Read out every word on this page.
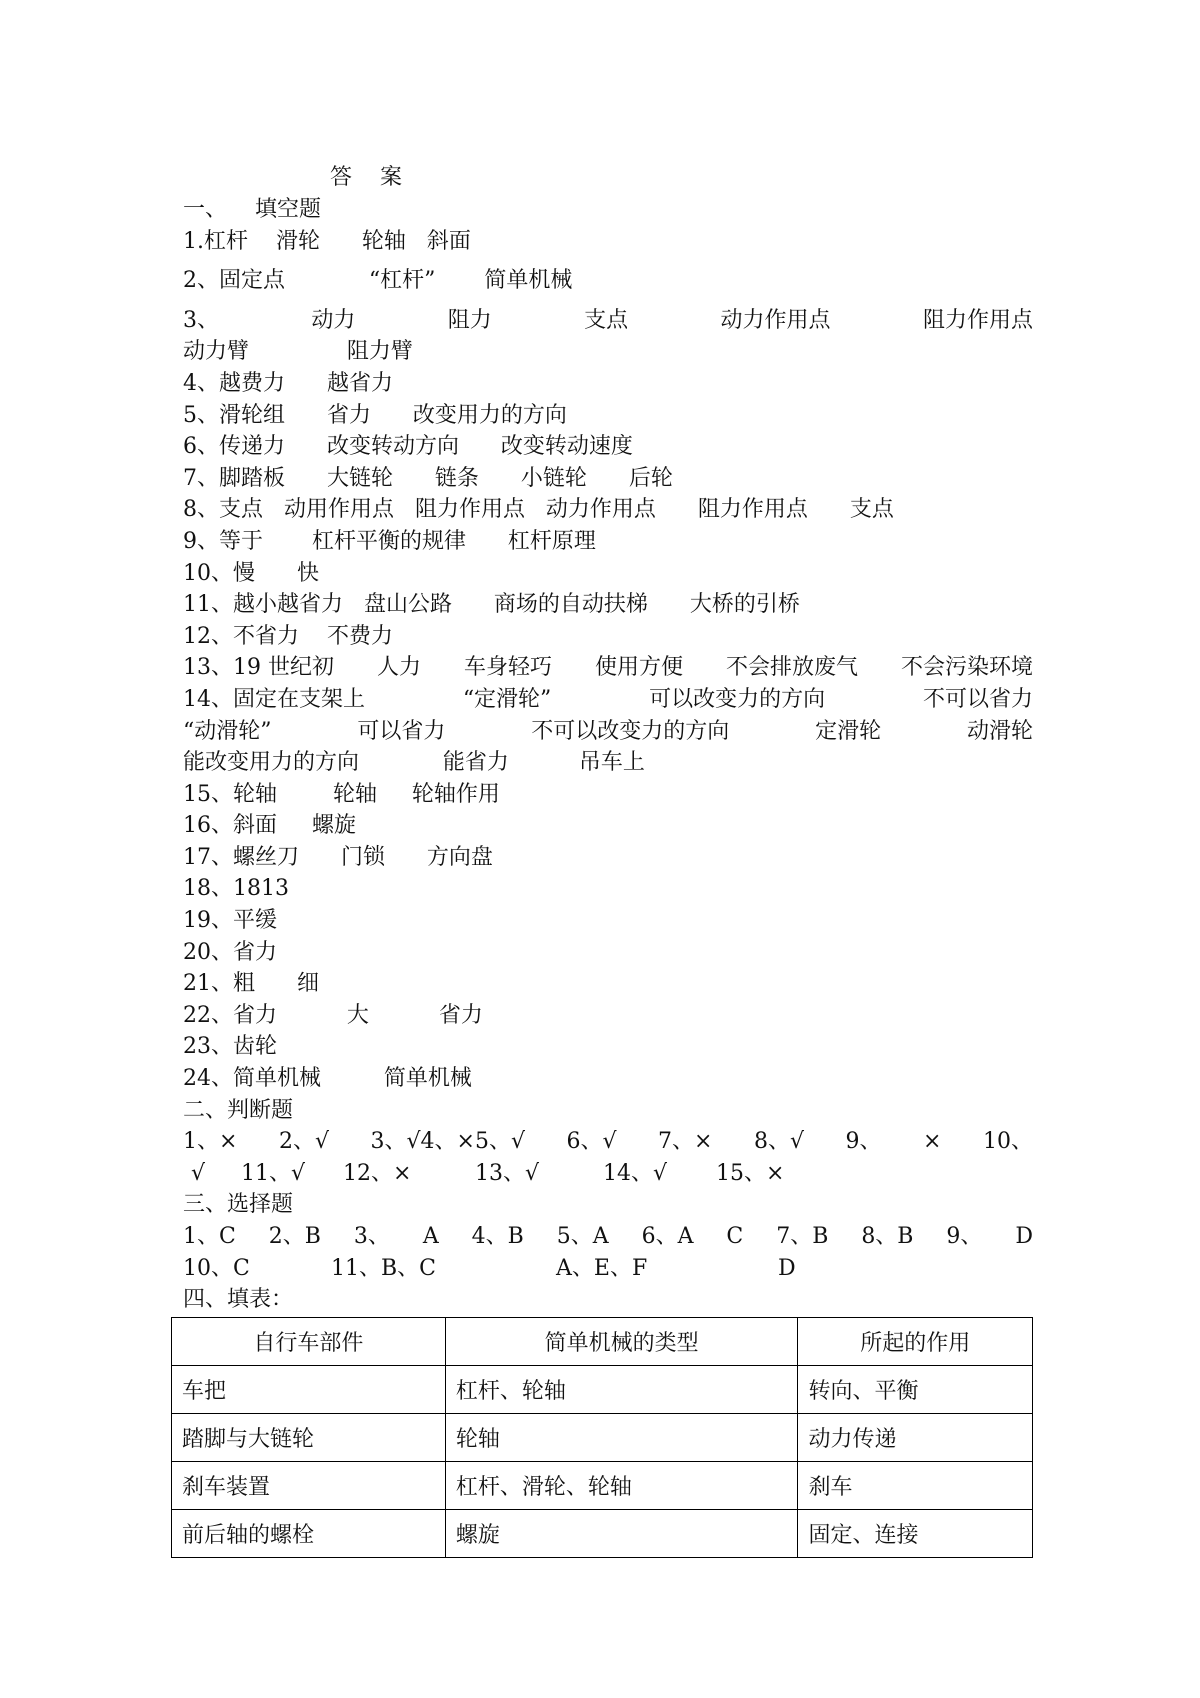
答    案
一、    填空题
1.杠杆    滑轮      轮轴   斜面
2、固定点            “杠杆”       简单机械
3、	动力	阻力	支点	动力作用点	阻力作用点
动力臂              阻力臂
4、越费力      越省力
5、滑轮组      省力      改变用力的方向
6、传递力      改变转动方向      改变转动速度
7、脚踏板      大链轮      链条      小链轮      后轮
8、支点   动用作用点   阻力作用点   动力作用点      阻力作用点      支点
9、等于       杠杆平衡的规律      杠杆原理
10、慢      快
11、越小越省力   盘山公路      商场的自动扶梯      大桥的引桥
12、不省力    不费力
13、19 世纪初 人力 车身轻巧 使用方便 不会排放废气 不会污染环境
14、固定在支架上	“定滑轮”	可以改变力的方向	不可以省力
“动滑轮”	可以省力	不可以改变力的方向	定滑轮	动滑轮
能改变用力的方向            能省力          吊车上
15、轮轴        轮轴     轮轴作用
16、斜面     螺旋
17、螺丝刀      门锁      方向盘
18、1813
19、平缓
20、省力
21、粗      细
22、省力          大          省力
23、齿轮
24、简单机械         简单机械
二、判断题
1、× 2、√ 3、√4、×5、√ 6、√ 7、× 8、√ 9、 × 10、
√	11、√	12、×	13、√	14、√	15、×
三、选择题
1、C 2、B 3、 A 4、B 5、A 6、A C 7、B 8、B 9、 D
10、C	11、B、C	A、E、F	D
四、填表：
自行车部件	简单机械的类型	所起的作用
车把	杠杆、轮轴	转向、平衡
踏脚与大链轮	轮轴	动力传递
刹车装置	杠杆、滑轮、轮轴	刹车
前后轴的螺栓	螺旋	固定、连接
